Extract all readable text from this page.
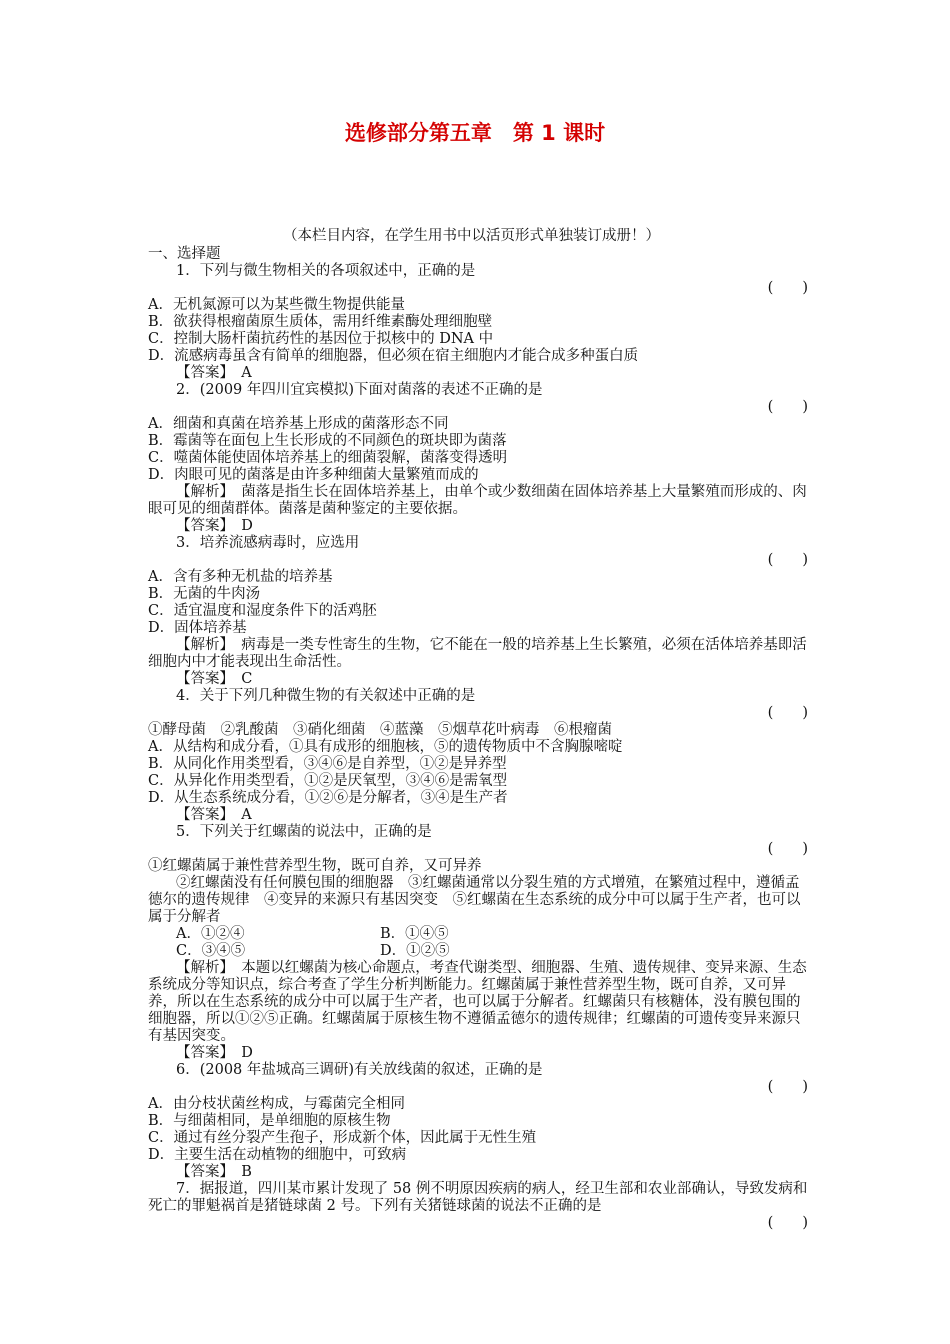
选修部分第五章　第 1 课时
（本栏目内容，在学生用书中以活页形式单独装订成册！）
一、选择题
1．下列与微生物相关的各项叙述中，正确的是
(　　)
A．无机氮源可以为某些微生物提供能量
B．欲获得根瘤菌原生质体，需用纤维素酶处理细胞壁
C．控制大肠杆菌抗药性的基因位于拟核中的 DNA 中
D．流感病毒虽含有简单的细胞器，但必须在宿主细胞内才能合成多种蛋白质
【答案】　A
2．(2009 年四川宜宾模拟)下面对菌落的表述不正确的是
(　　)
A．细菌和真菌在培养基上形成的菌落形态不同
B．霉菌等在面包上生长形成的不同颜色的斑块即为菌落
C．噬菌体能使固体培养基上的细菌裂解，菌落变得透明
D．肉眼可见的菌落是由许多种细菌大量繁殖而成的
【解析】　菌落是指生长在固体培养基上，由单个或少数细菌在固体培养基上大量繁殖而形成的、肉眼可见的细菌群体。菌落是菌种鉴定的主要依据。
【答案】　D
3．培养流感病毒时，应选用
(　　)
A．含有多种无机盐的培养基
B．无菌的牛肉汤
C．适宜温度和湿度条件下的活鸡胚
D．固体培养基
【解析】　病毒是一类专性寄生的生物，它不能在一般的培养基上生长繁殖，必须在活体培养基即活细胞内中才能表现出生命活性。
【答案】　C
4．关于下列几种微生物的有关叙述中正确的是
(　　)
①酵母菌　②乳酸菌　③硝化细菌　④蓝藻　⑤烟草花叶病毒　⑥根瘤菌
A．从结构和成分看，①具有成形的细胞核，⑤的遗传物质中不含胸腺嘧啶
B．从同化作用类型看，③④⑥是自养型，①②是异养型
C．从异化作用类型看，①②是厌氧型，③④⑥是需氧型
D．从生态系统成分看，①②⑥是分解者，③④是生产者
【答案】　A
5．下列关于红螺菌的说法中，正确的是
(　　)
①红螺菌属于兼性营养型生物，既可自养，又可异养
②红螺菌没有任何膜包围的细胞器　③红螺菌通常以分裂生殖的方式增殖，在繁殖过程中，遵循孟德尔的遗传规律　④变异的来源只有基因突变　⑤红螺菌在生态系统的成分中可以属于生产者，也可以属于分解者
A．①②④	B．①④⑤
C．③④⑤	D．①②⑤
【解析】　本题以红螺菌为核心命题点，考查代谢类型、细胞器、生殖、遗传规律、变异来源、生态系统成分等知识点，综合考查了学生分析判断能力。红螺菌属于兼性营养型生物，既可自养，又可异养，所以在生态系统的成分中可以属于生产者，也可以属于分解者。红螺菌只有核糖体，没有膜包围的细胞器，所以①②⑤正确。红螺菌属于原核生物不遵循孟德尔的遗传规律；红螺菌的可遗传变异来源只有基因突变。
【答案】　D
6．(2008 年盐城高三调研)有关放线菌的叙述，正确的是
(　　)
A．由分枝状菌丝构成，与霉菌完全相同
B．与细菌相同，是单细胞的原核生物
C．通过有丝分裂产生孢子，形成新个体，因此属于无性生殖
D．主要生活在动植物的细胞中，可致病
【答案】　B
7．据报道，四川某市累计发现了 58 例不明原因疾病的病人，经卫生部和农业部确认，导致发病和死亡的罪魁祸首是猪链球菌 2 号。下列有关猪链球菌的说法不正确的是
(　　)
